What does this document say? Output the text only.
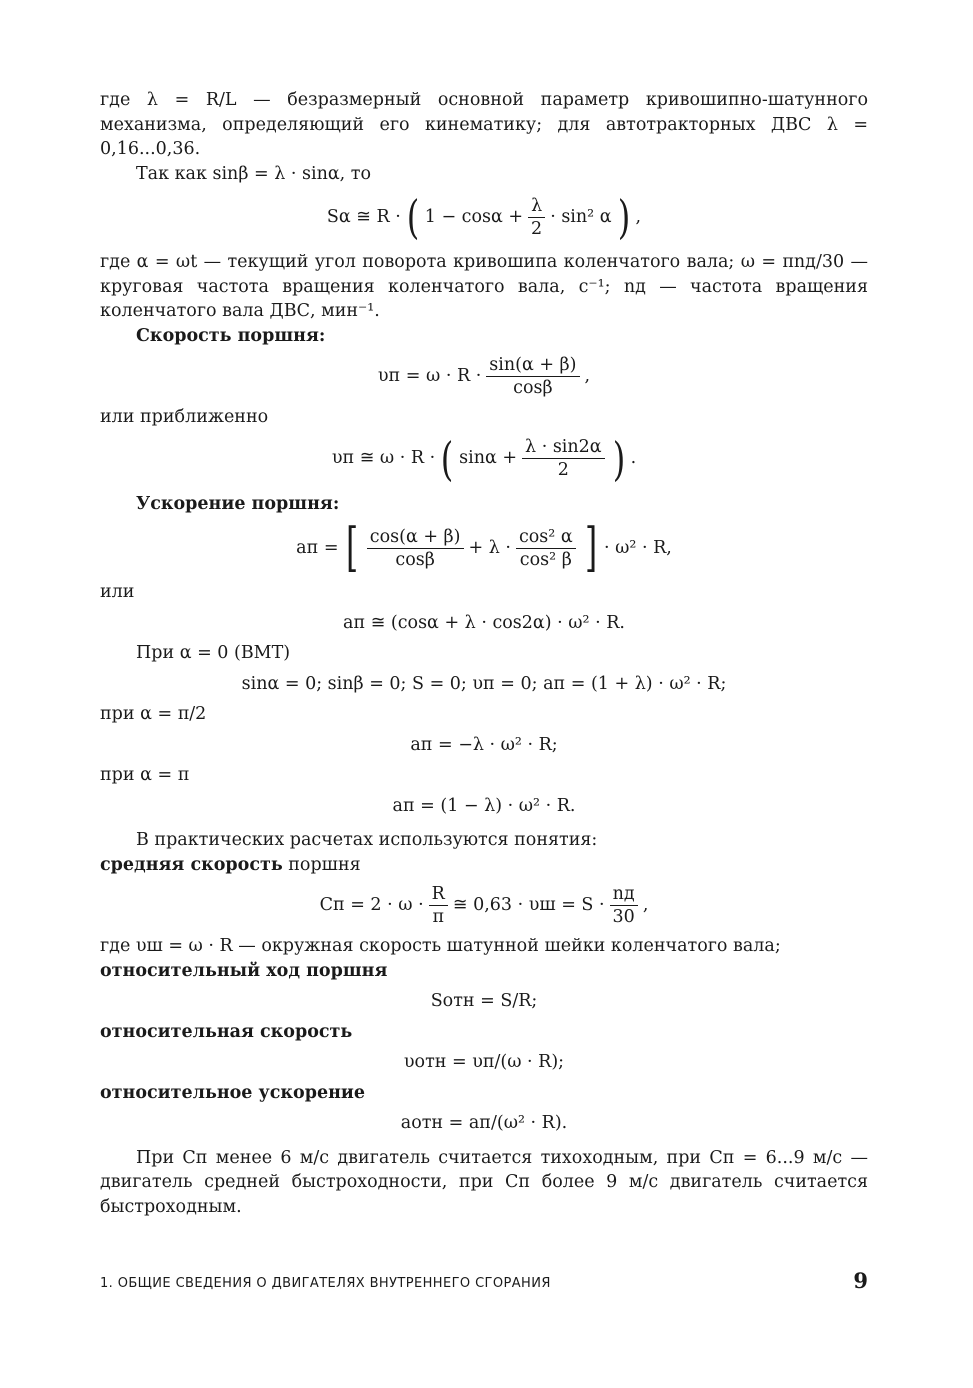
где λ = R/L — безразмерный основной параметр кривошипно-шатунного механизма, определяющий его кинематику; для автотракторных ДВС λ = 0,16...0,36.

Так как sinβ = λ · sinα, то

Sα ≅ R · ( $1 - \cos\alpha + \frac{\lambda}{2} \cdot \sin^2$ α ) ,

где α = ωt — текущий угол поворота кривошипа коленчатого вала; ω = πnд/30 — круговая частота вращения коленчатого вала, с⁻¹; nд — частота вращения коленчатого вала ДВС, мин⁻¹.

Скорость поршня:

$\upsilon п = \omega \cdot R \cdot \frac{\sin(\alpha + \beta)}{\cos\beta}$ ,

или приближенно

υп ≅ ω · R · ( $\sin\alpha + \frac{\lambda \cdot \sin 2\alpha}{2}$ ) .

Ускорение поршня:

aп = [ $\frac{\cos(\alpha + \beta)}{\cos\beta} + \lambda \cdot \frac{\text{cos² α}}{\text{cos² β}}$ ] · ω² · R,

или

aп ≅ (cosα + λ · cos2α) · ω² · R.

При α = 0 (ВМТ)

sinα = 0; sinβ = 0; S = 0; υп = 0; aп = (1 + λ) · ω² · R;

при α = π/2

aп = −λ · ω² · R;

при α = π

aп = (1 − λ) · ω² · R.

В практических расчетах используются понятия:

средняя скорость поршня

Cп = $2 \cdot \omega \cdot \frac{R}{\pi}$ ≅ $0,63 \cdot \upsilon ш = S \cdot \frac{nд}{30}$ ,

где υш = ω · R — окружная скорость шатунной шейки коленчатого вала;

относительный ход поршня

Sотн = S/R;

относительная скорость

υотн = υп/(ω · R);

относительное ускорение

aотн = aп/(ω² · R).

При Cп менее 6 м/с двигатель считается тихоходным, при Cп = 6...9 м/с — двигатель средней быстроходности, при Cп более 9 м/с двигатель считается быстроходным.

1. ОБЩИЕ СВЕДЕНИЯ О ДВИГАТЕЛЯХ ВНУТРЕННЕГО СГОРАНИЯ	9
